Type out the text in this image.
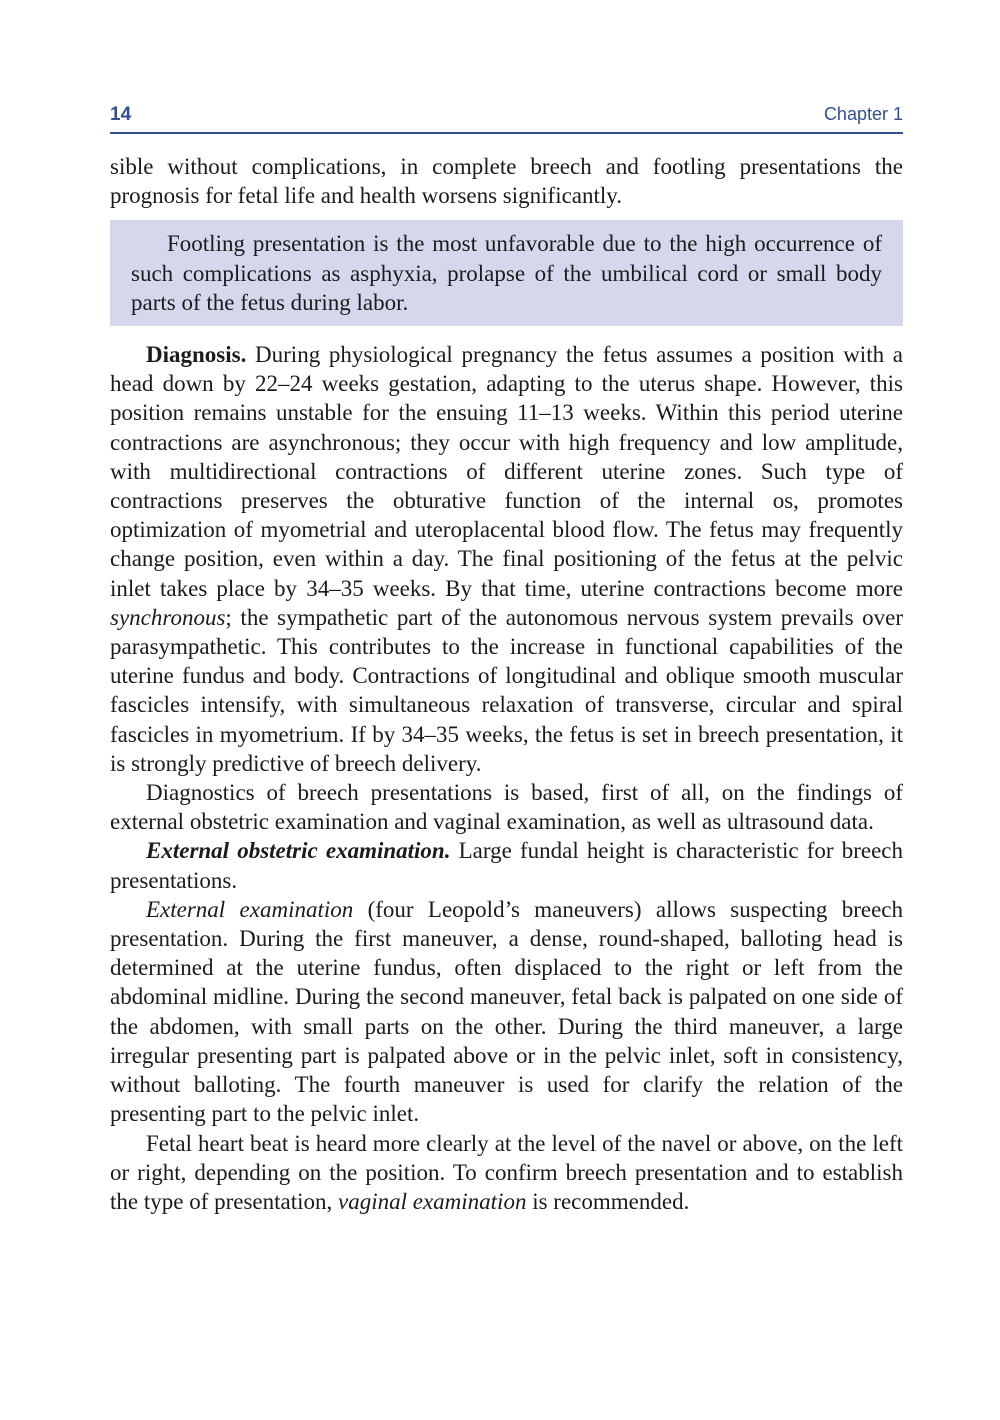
14	Chapter 1

sible without complications, in complete breech and footling presentations the prognosis for fetal life and health worsens significantly.

Footling presentation is the most unfavorable due to the high occurrence of such complications as asphyxia, prolapse of the umbilical cord or small body parts of the fetus during labor.

Diagnosis. During physiological pregnancy the fetus assumes a position with a head down by 22–24 weeks gestation, adapting to the uterus shape. However, this position remains unstable for the ensuing 11–13 weeks. Within this period uterine contractions are asynchronous; they occur with high frequency and low amplitude, with multidirectional contractions of different uterine zones. Such type of contractions preserves the obturative function of the internal os, promotes optimization of myometrial and uteroplacental blood flow. The fetus may frequently change position, even within a day. The final positioning of the fetus at the pelvic inlet takes place by 34–35 weeks. By that time, uterine contractions become more synchronous; the sympathetic part of the autonomous nervous system prevails over parasympathetic. This contributes to the increase in functional capabilities of the uterine fundus and body. Contractions of longitudinal and oblique smooth muscular fascicles intensify, with simultaneous relaxation of transverse, circular and spiral fascicles in myometrium. If by 34–35 weeks, the fetus is set in breech presentation, it is strongly predictive of breech delivery.

Diagnostics of breech presentations is based, first of all, on the findings of external obstetric examination and vaginal examination, as well as ultrasound data.

External obstetric examination. Large fundal height is characteristic for breech presentations.

External examination (four Leopold’s maneuvers) allows suspecting breech presentation. During the first maneuver, a dense, round-shaped, balloting head is determined at the uterine fundus, often displaced to the right or left from the abdominal midline. During the second maneuver, fetal back is palpated on one side of the abdomen, with small parts on the other. During the third maneuver, a large irregular presenting part is palpated above or in the pelvic inlet, soft in consistency, without balloting. The fourth maneuver is used for clarify the relation of the presenting part to the pelvic inlet.

Fetal heart beat is heard more clearly at the level of the navel or above, on the left or right, depending on the position. To confirm breech presentation and to establish the type of presentation, vaginal examination is recommended.
